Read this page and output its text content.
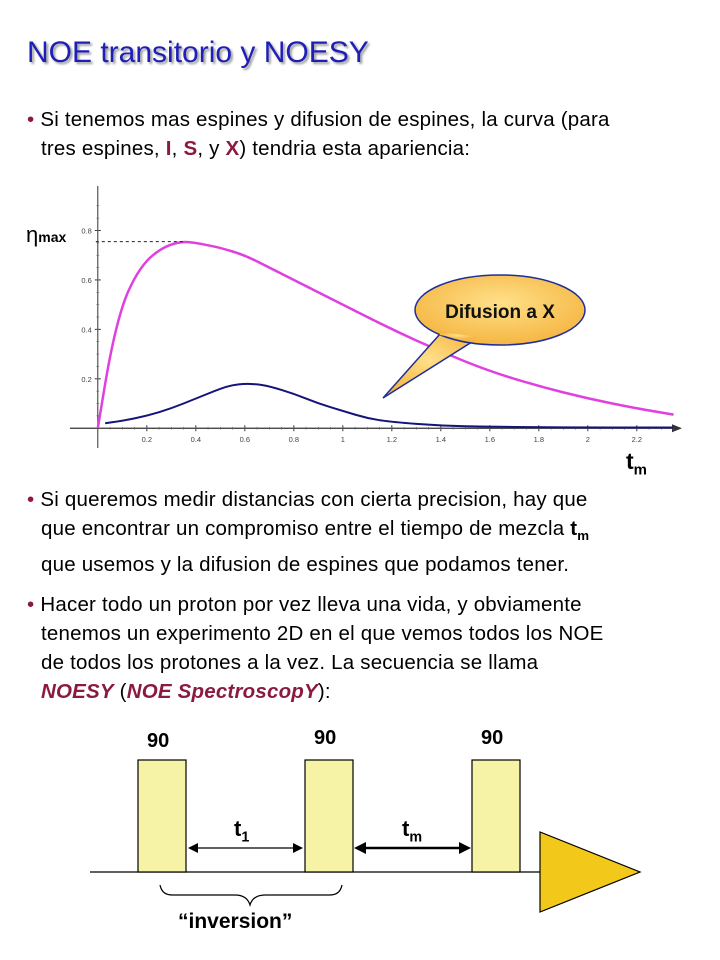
NOE transitorio y NOESY
• Si tenemos mas espines y difusion de espines, la curva (para
tres espines, I, S, y X) tendria esta apariencia:
0.2	0.4	0.6	0.8	1	1.2	1.4	1.6	1.8	2	2.2
0.2
0.4
0.6
0.8
Difusion a X
ηmax
$t_m$
• Si queremos medir distancias con cierta precision, hay que
que encontrar un compromiso entre el tiempo de mezcla $t_m$
que usemos y la difusion de espines que podamos tener.
• Hacer todo un proton por vez lleva una vida, y obviamente
tenemos un experimento 2D en el que vemos todos los NOE
de todos los protones a la vez. La secuencia se llama
NOESY (NOE SpectroscopY):
90	90	90
$t_1$	$t_m$
“inversion”
